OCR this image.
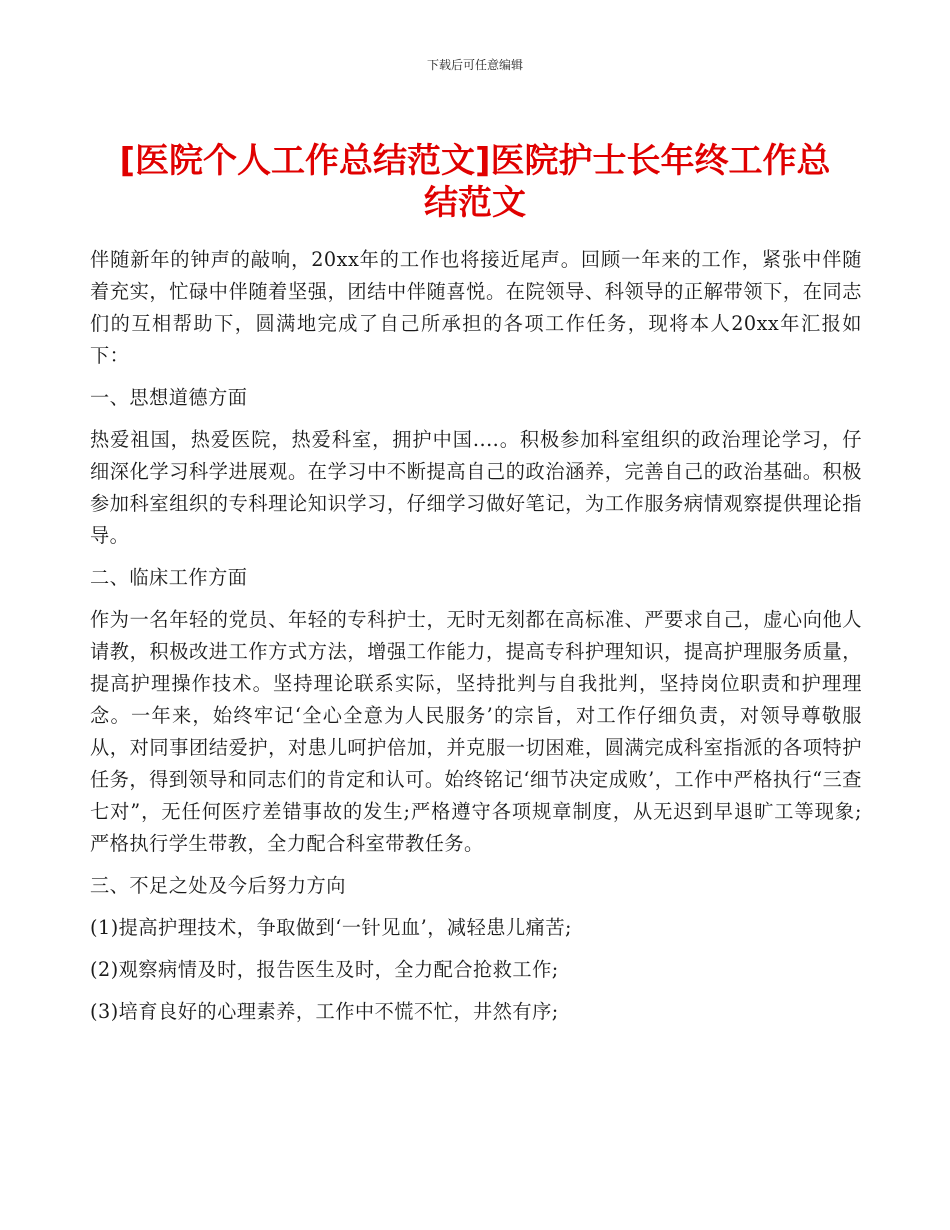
下载后可任意编辑
[医院个人工作总结范文]医院护士长年终工作总结范文

伴随新年的钟声的敲响，20xx年的工作也将接近尾声。回顾一年来的工作，紧张中伴随着充实，忙碌中伴随着坚强，团结中伴随喜悦。在院领导、科领导的正解带领下，在同志们的互相帮助下，圆满地完成了自己所承担的各项工作任务，现将本人20xx年汇报如下：

一、思想道德方面

热爱祖国，热爱医院，热爱科室，拥护中国....。积极参加科室组织的政治理论学习，仔细深化学习科学进展观。在学习中不断提高自己的政治涵养，完善自己的政治基础。积极参加科室组织的专科理论知识学习，仔细学习做好笔记，为工作服务病情观察提供理论指导。

二、临床工作方面

作为一名年轻的党员、年轻的专科护士，无时无刻都在高标准、严要求自己，虚心向他人请教，积极改进工作方式方法，增强工作能力，提高专科护理知识，提高护理服务质量，提高护理操作技术。坚持理论联系实际，坚持批判与自我批判，坚持岗位职责和护理理念。一年来，始终牢记‘全心全意为人民服务’的宗旨，对工作仔细负责，对领导尊敬服从，对同事团结爱护，对患儿呵护倍加，并克服一切困难，圆满完成科室指派的各项特护任务，得到领导和同志们的肯定和认可。始终铭记‘细节决定成败’，工作中严格执行“三查七对”，无任何医疗差错事故的发生;严格遵守各项规章制度，从无迟到早退旷工等现象;严格执行学生带教，全力配合科室带教任务。

三、不足之处及今后努力方向

(1)提高护理技术，争取做到‘一针见血’，减轻患儿痛苦;

(2)观察病情及时，报告医生及时，全力配合抢救工作;

(3)培育良好的心理素养，工作中不慌不忙，井然有序;
